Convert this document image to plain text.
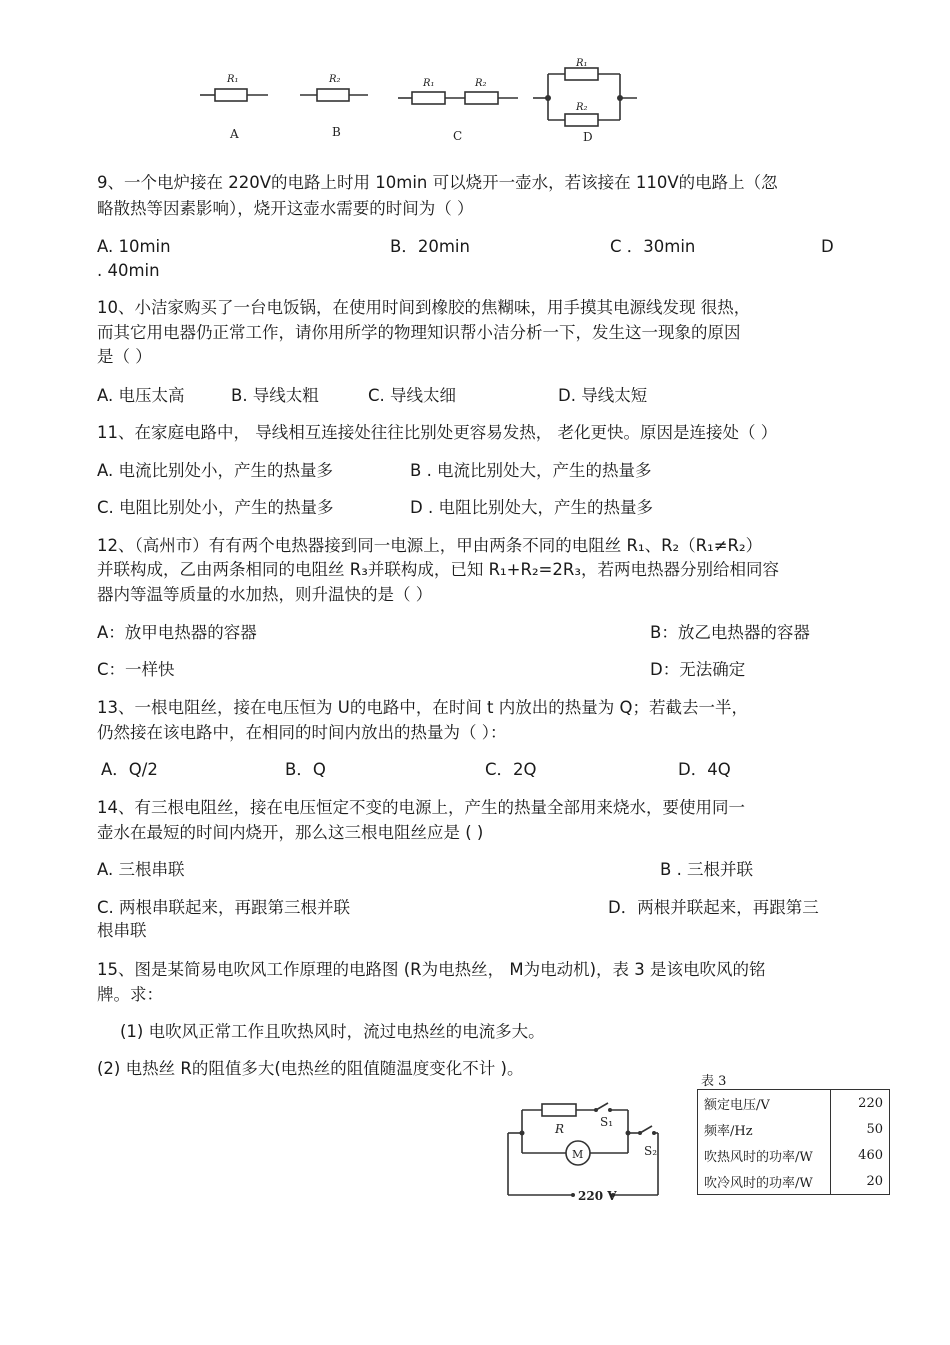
R₁	R₂	R₁	R₂
R₁
R₂
A	B	C	D
9、一个电炉接在 220V的电路上时用 10min 可以烧开一壶水，若该接在 110V的电路上（忽
略散热等因素影响），烧开这壶水需要的时间为（ ）
A. 10min	B．20min	C ．30min	D
. 40min
10、小洁家购买了一台电饭锅，在使用时间到橡胶的焦糊味，用手摸其电源线发现 很热，
而其它用电器仍正常工作，请你用所学的物理知识帮小洁分析一下，发生这一现象的原因
是（ ）
A. 电压太高	B. 导线太粗	C. 导线太细	D. 导线太短
11、在家庭电路中， 导线相互连接处往往比别处更容易发热， 老化更快。原因是连接处（ ）
A. 电流比别处小，产生的热量多	B . 电流比别处大，产生的热量多
C. 电阻比别处小，产生的热量多	D . 电阻比别处大，产生的热量多
12、（高州市）有有两个电热器接到同一电源上，甲由两条不同的电阻丝 R₁、R₂（R₁≠R₂）
并联构成，乙由两条相同的电阻丝 R₃并联构成，已知 R₁+R₂=2R₃，若两电热器分别给相同容
器内等温等质量的水加热，则升温快的是（ ）
A：放甲电热器的容器	B：放乙电热器的容器
C：一样快	D：无法确定
13、一根电阻丝，接在电压恒为 U的电路中，在时间 t 内放出的热量为 Q；若截去一半，
仍然接在该电路中，在相同的时间内放出的热量为（ ）：
A．Q/2	B．Q	C．2Q	D．4Q
14、有三根电阻丝，接在电压恒定不变的电源上，产生的热量全部用来烧水，要使用同一
壶水在最短的时间内烧开，那么这三根电阻丝应是 ( )
A. 三根串联	B . 三根并联
C. 两根串联起来，再跟第三根并联	D．两根并联起来，再跟第三
根串联
15、图是某简易电吹风工作原理的电路图 (R为电热丝， M为电动机)，表 3 是该电吹风的铭
牌。求：
(1) 电吹风正常工作且吹热风时，流过电热丝的电流多大。
(2) 电热丝 R的阻值多大(电热丝的阻值随温度变化不计 )。
R	S₁
S₂
M
220 V
表 3
额定电压/V	220
频率/Hz	50
吹热风时的功率/W	460
吹冷风时的功率/W	20
